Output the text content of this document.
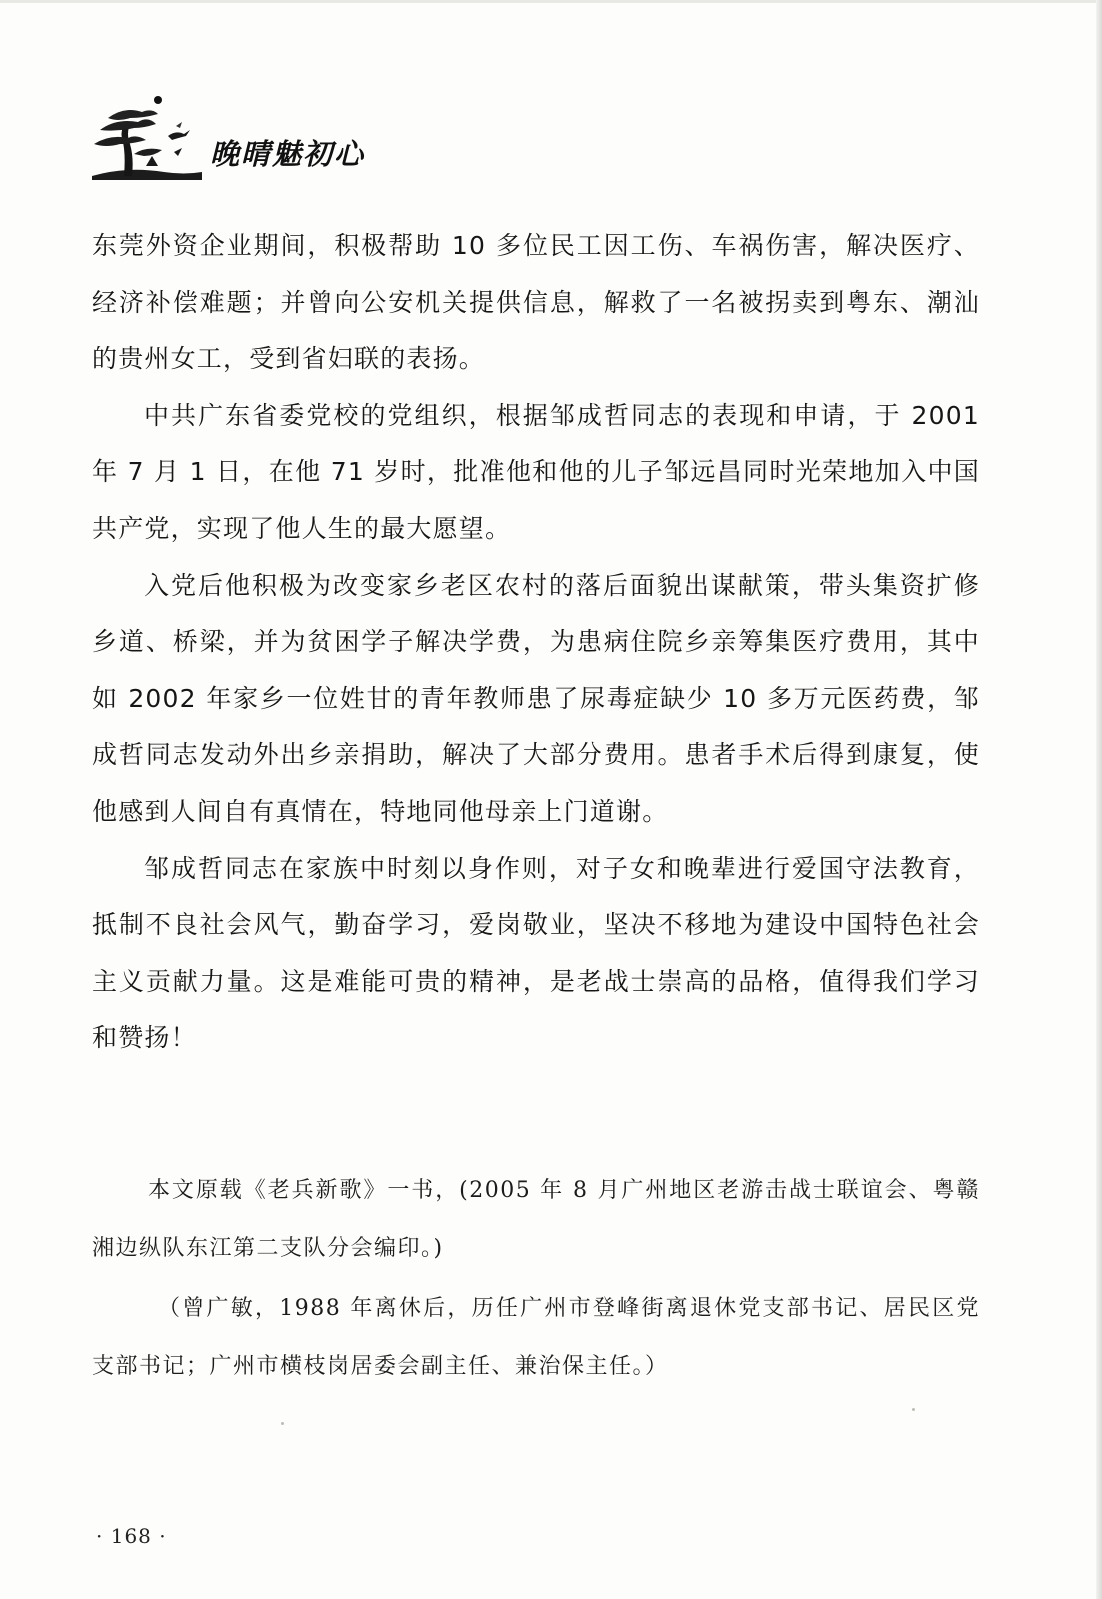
晚晴魅初心

东莞外资企业期间，积极帮助 10 多位民工因工伤、车祸伤害，解决医疗、经济补偿难题；并曾向公安机关提供信息，解救了一名被拐卖到粤东、潮汕的贵州女工，受到省妇联的表扬。

中共广东省委党校的党组织，根据邹成哲同志的表现和申请，于 2001 年 7 月 1 日，在他 71 岁时，批准他和他的儿子邹远昌同时光荣地加入中国共产党，实现了他人生的最大愿望。

入党后他积极为改变家乡老区农村的落后面貌出谋献策，带头集资扩修乡道、桥梁，并为贫困学子解决学费，为患病住院乡亲筹集医疗费用，其中如 2002 年家乡一位姓甘的青年教师患了尿毒症缺少 10 多万元医药费，邹成哲同志发动外出乡亲捐助，解决了大部分费用。患者手术后得到康复，使他感到人间自有真情在，特地同他母亲上门道谢。

邹成哲同志在家族中时刻以身作则，对子女和晚辈进行爱国守法教育，抵制不良社会风气，勤奋学习，爱岗敬业，坚决不移地为建设中国特色社会主义贡献力量。这是难能可贵的精神，是老战士崇高的品格，值得我们学习和赞扬！

本文原载《老兵新歌》一书，(2005 年 8 月广州地区老游击战士联谊会、粤赣湘边纵队东江第二支队分会编印。)

（曾广敏，1988 年离休后，历任广州市登峰街离退休党支部书记、居民区党支部书记；广州市横枝岗居委会副主任、兼治保主任。）

· 168 ·
